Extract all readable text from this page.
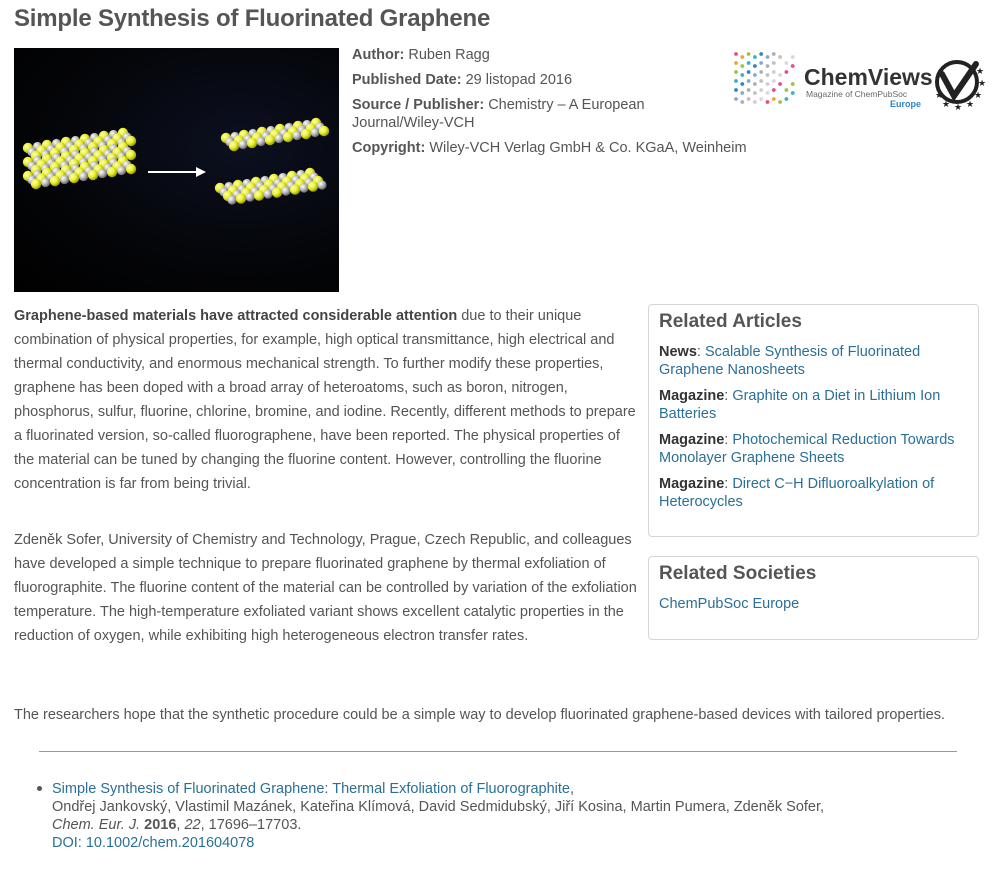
Simple Synthesis of Fluorinated Graphene
Author: Ruben Ragg
Published Date: 29 listopad 2016
Source / Publisher: Chemistry – A European Journal/Wiley-VCH
Copyright: Wiley-VCH Verlag GmbH & Co. KGaA, Weinheim
ChemViews
Magazine of ChemPubSoc
Europe
★
★
★
★
★
★
★

Graphene-based materials have attracted considerable attention due to their unique combination of physical properties, for example, high optical transmittance, high electrical and thermal conductivity, and enormous mechanical strength. To further modify these properties, graphene has been doped with a broad array of heteroatoms, such as boron, nitrogen, phosphorus, sulfur, fluorine, chlorine, bromine, and iodine. Recently, different methods to prepare a fluorinated version, so-called fluorographene, have been reported. The physical properties of the material can be tuned by changing the fluorine content. However, controlling the fluorine concentration is far from being trivial.

Zdeněk Sofer, University of Chemistry and Technology, Prague, Czech Republic, and colleagues have developed a simple technique to prepare fluorinated graphene by thermal exfoliation of fluorographite. The fluorine content of the material can be controlled by variation of the exfoliation temperature. The high-temperature exfoliated variant shows excellent catalytic properties in the reduction of oxygen, while exhibiting high heterogeneous electron transfer rates.

The researchers hope that the synthetic procedure could be a simple way to develop fluorinated graphene-based devices with tailored properties.

Related Articles
News: Scalable Synthesis of Fluorinated Graphene Nanosheets
Magazine: Graphite on a Diet in Lithium Ion Batteries
Magazine: Photochemical Reduction Towards Monolayer Graphene Sheets
Magazine: Direct C−H Difluoroalkylation of Heterocycles
Related Societies
ChemPubSoc Europe
Simple Synthesis of Fluorinated Graphene: Thermal Exfoliation of Fluorographite,
Ondřej Jankovský, Vlastimil Mazánek, Kateřina Klímová, David Sedmidubský, Jiří Kosina, Martin Pumera, Zdeněk Sofer,
Chem. Eur. J. 2016, 22, 17696–17703.
DOI: 10.1002/chem.201604078
